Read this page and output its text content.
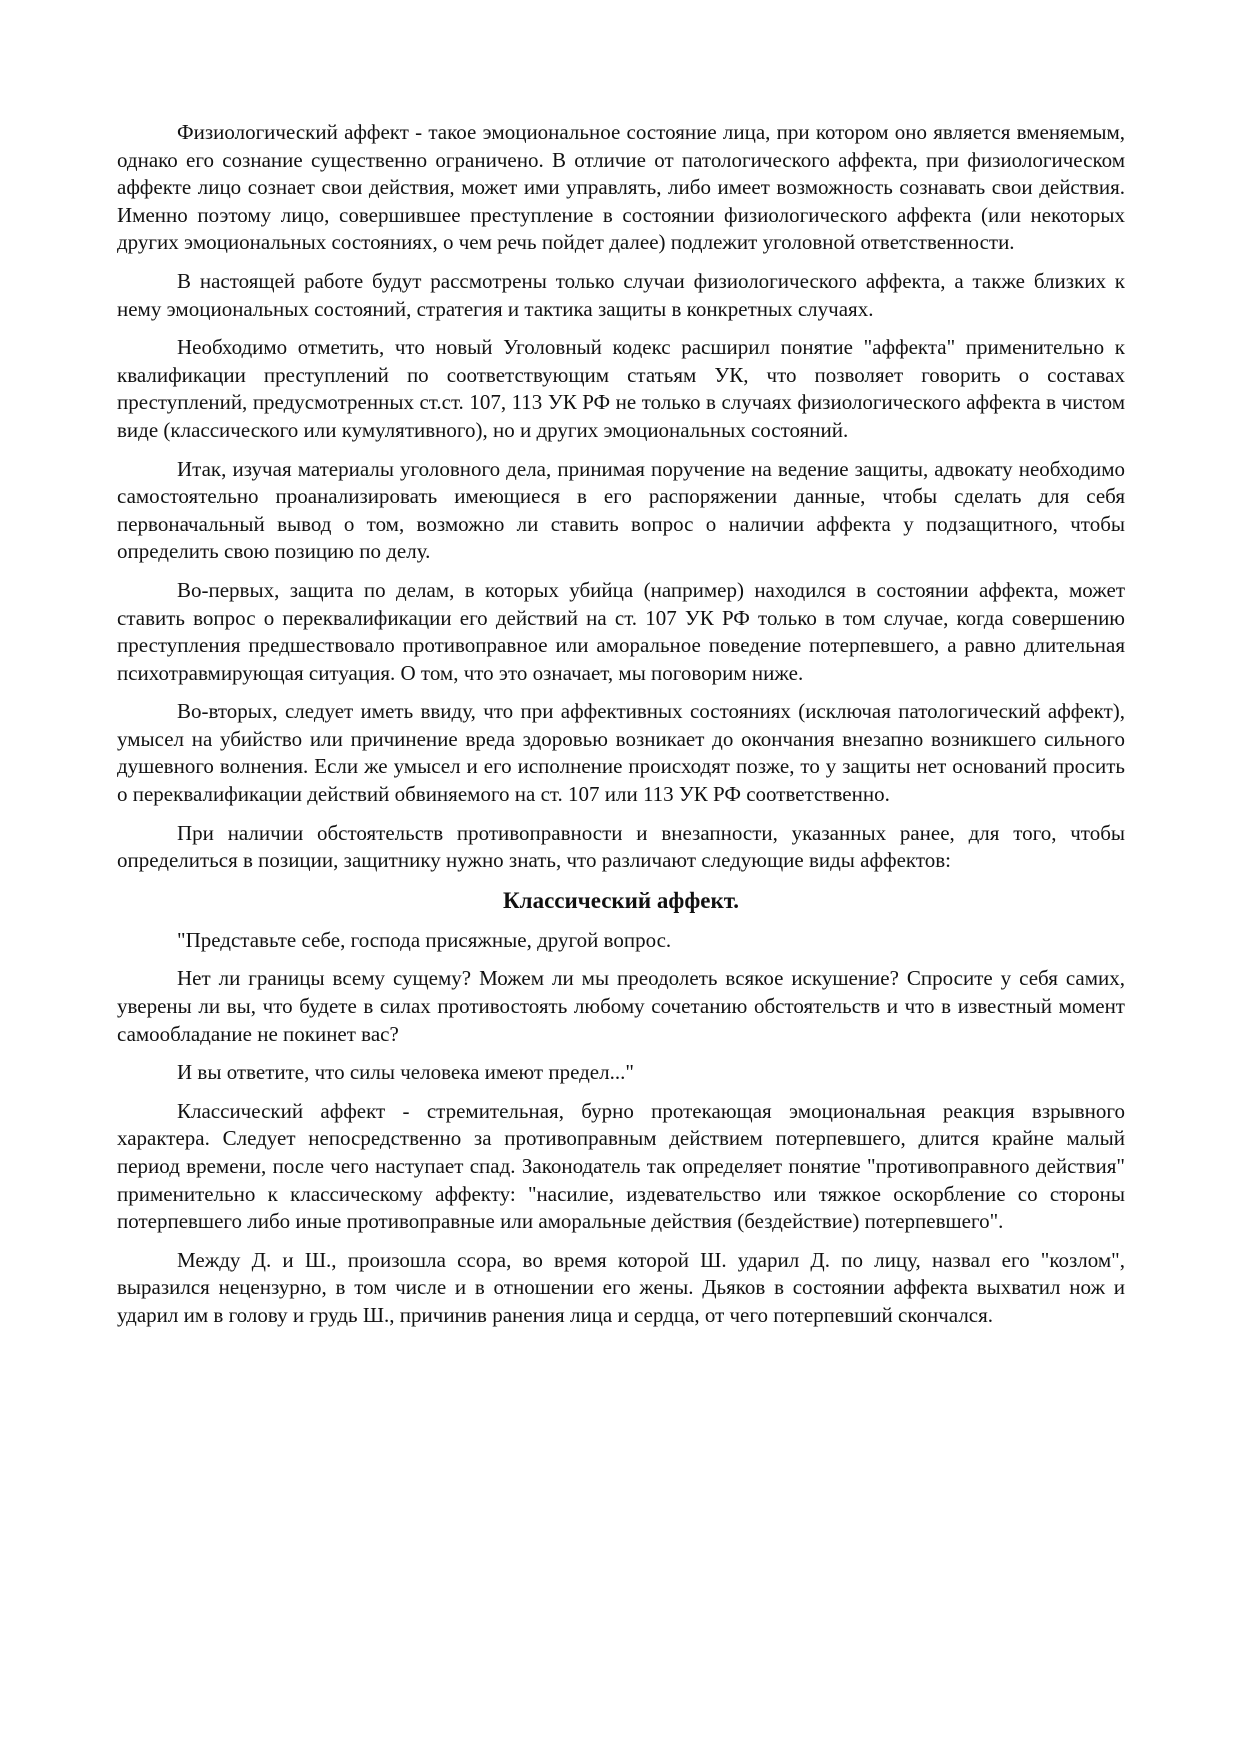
Физиологический аффект - такое эмоциональное состояние лица, при котором оно является вменяемым, однако его сознание существенно ограничено. В отличие от патологического аффекта, при физиологическом аффекте лицо сознает свои действия, может ими управлять, либо имеет возможность сознавать свои действия. Именно поэтому лицо, совершившее преступление в состоянии физиологического аффекта (или некоторых других эмоциональных состояниях, о чем речь пойдет далее) подлежит уголовной ответственности.

В настоящей работе будут рассмотрены только случаи физиологического аффекта, а также близких к нему эмоциональных состояний, стратегия и тактика защиты в конкретных случаях.

Необходимо отметить, что новый Уголовный кодекс расширил понятие "аффекта" применительно к квалификации преступлений по соответствующим статьям УК, что позволяет говорить о составах преступлений, предусмотренных ст.ст. 107, 113 УК РФ не только в случаях физиологического аффекта в чистом виде (классического или кумулятивного), но и других эмоциональных состояний.

Итак, изучая материалы уголовного дела, принимая поручение на ведение защиты, адвокату необходимо самостоятельно проанализировать имеющиеся в его распоряжении данные, чтобы сделать для себя первоначальный вывод о том, возможно ли ставить вопрос о наличии аффекта у подзащитного, чтобы определить свою позицию по делу.

Во-первых, защита по делам, в которых убийца (например) находился в состоянии аффекта, может ставить вопрос о переквалификации его действий на ст. 107 УК РФ только в том случае, когда совершению преступления предшествовало противоправное или аморальное поведение потерпевшего, а равно длительная психотравмирующая ситуация. О том, что это означает, мы поговорим ниже.

Во-вторых, следует иметь ввиду, что при аффективных состояниях (исключая патологический аффект), умысел на убийство или причинение вреда здоровью возникает до окончания внезапно возникшего сильного душевного волнения. Если же умысел и его исполнение происходят позже, то у защиты нет оснований просить о переквалификации действий обвиняемого на ст. 107 или 113 УК РФ соответственно.

При наличии обстоятельств противоправности и внезапности, указанных ранее, для того, чтобы определиться в позиции, защитнику нужно знать, что различают следующие виды аффектов:

Классический аффект.

"Представьте себе, господа присяжные, другой вопрос.

Нет ли границы всему сущему? Можем ли мы преодолеть всякое искушение? Спросите у себя самих, уверены ли вы, что будете в силах противостоять любому сочетанию обстоятельств и что в известный момент самообладание не покинет вас?

И вы ответите, что силы человека имеют предел..."

Классический аффект - стремительная, бурно протекающая эмоциональная реакция взрывного характера. Следует непосредственно за противоправным действием потерпевшего, длится крайне малый период времени, после чего наступает спад. Законодатель так определяет понятие "противоправного действия" применительно к классическому аффекту: "насилие, издевательство или тяжкое оскорбление со стороны потерпевшего либо иные противоправные или аморальные действия (бездействие) потерпевшего".

Между Д. и Ш., произошла ссора, во время которой Ш. ударил Д. по лицу, назвал его "козлом", выразился нецензурно, в том числе и в отношении его жены. Дьяков в состоянии аффекта выхватил нож и ударил им в голову и грудь Ш., причинив ранения лица и сердца, от чего потерпевший скончался.
